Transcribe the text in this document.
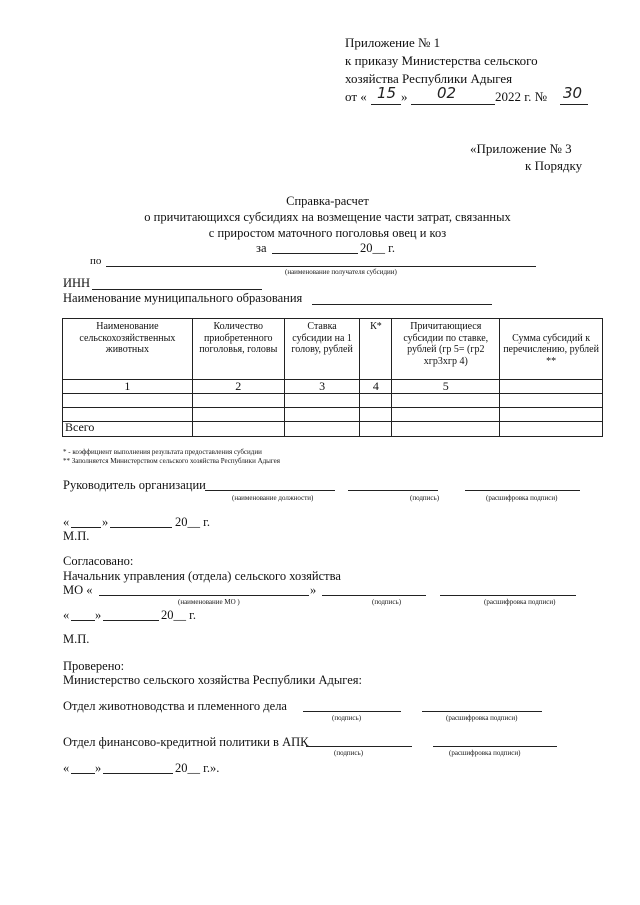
Приложение № 1
к приказу Министерства сельского
хозяйства Республики Адыгея
от « 15 » 02	2022 г. № 30
«Приложение № 3
к Порядку
Справка-расчет
о причитающихся субсидиях на возмещение части затрат, связанных
с приростом маточного поголовья овец и коз
за	20__ г.
по
(наименование получателя субсидии)
ИНН
Наименование муниципального образования
Наименование сельскохозяйственных животных	Количество приобретенного поголовья, головы	Ставка субсидии на 1 голову, рублей	К*	Причитающиеся субсидии по ставке, рублей (гр 5= (гр2 хгр3хгр 4)	Сумма субсидий к перечислению, рублей **
1	2	3	4	5	

Всего					
* - коэффициент выполнения результата предоставления субсидии
** Заполняется Министерством сельского хозяйства Республики Адыгея
Руководитель организации
(наименование должности)	(подпись)	(расшифровка подписи)
«	»	20__ г.
М.П.
Согласовано:
Начальник управления (отдела) сельского хозяйства
МО «	»
(наименование МО )	(подпись)	(расшифровка подписи)
« »	20__ г.
М.П.
Проверено:
Министерство сельского хозяйства Республики Адыгея:
Отдел животноводства и племенного дела
(подпись)	(расшифровка подписи)
Отдел финансово-кредитной политики в АПК
(подпись)	(расшифровка подписи)
« »	20__ г.».
